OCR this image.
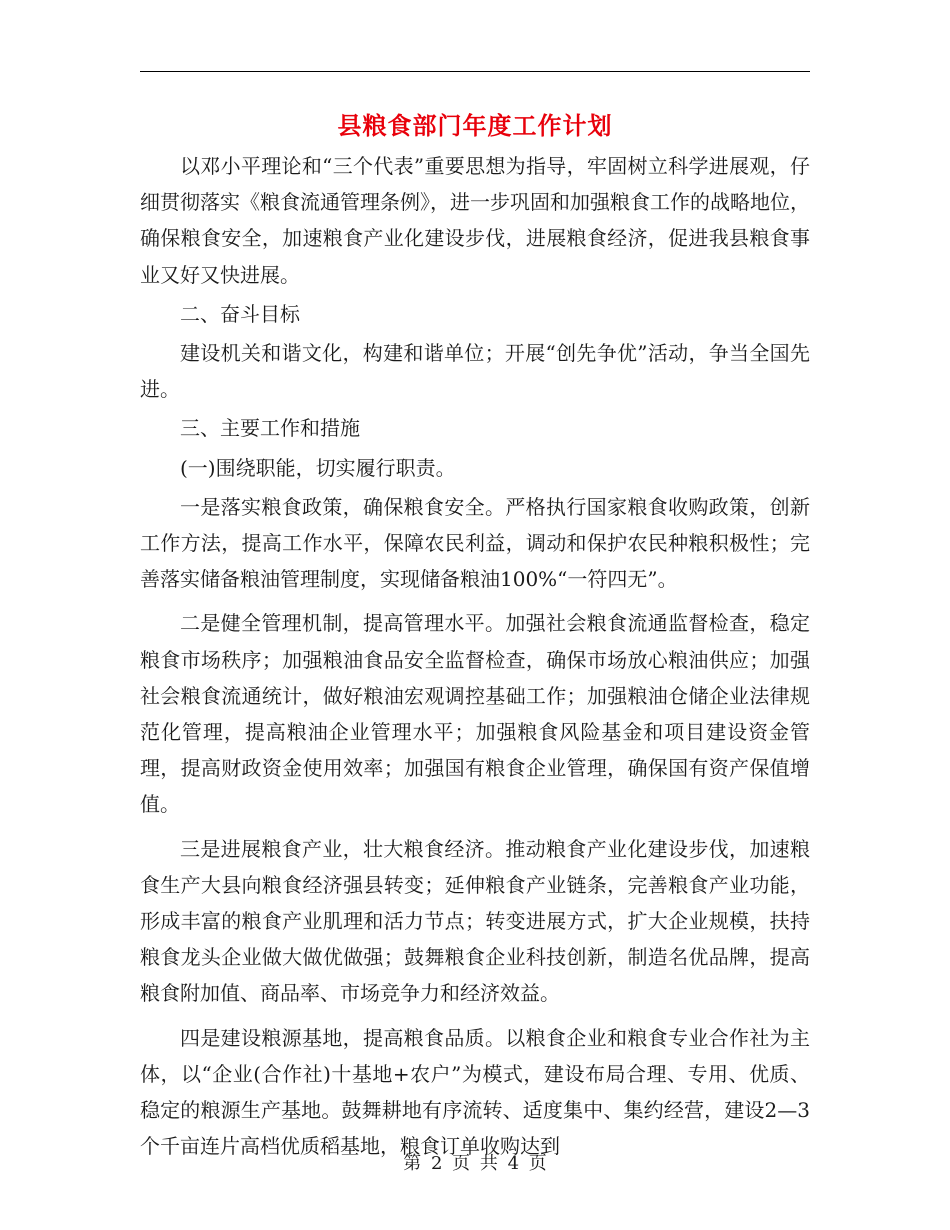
县粮食部门年度工作计划

以邓小平理论和“三个代表”重要思想为指导，牢固树立科学进展观，仔细贯彻落实《粮食流通管理条例》，进一步巩固和加强粮食工作的战略地位，确保粮食安全，加速粮食产业化建设步伐，进展粮食经济，促进我县粮食事业又好又快进展。

二、奋斗目标

建设机关和谐文化，构建和谐单位；开展“创先争优”活动，争当全国先进。

三、主要工作和措施

(一)围绕职能，切实履行职责。

一是落实粮食政策，确保粮食安全。严格执行国家粮食收购政策，创新工作方法，提高工作水平，保障农民利益，调动和保护农民种粮积极性；完善落实储备粮油管理制度，实现储备粮油100%“一符四无”。

二是健全管理机制，提高管理水平。加强社会粮食流通监督检查，稳定粮食市场秩序；加强粮油食品安全监督检查，确保市场放心粮油供应；加强社会粮食流通统计，做好粮油宏观调控基础工作；加强粮油仓储企业法律规范化管理，提高粮油企业管理水平；加强粮食风险基金和项目建设资金管理，提高财政资金使用效率；加强国有粮食企业管理，确保国有资产保值增值。

三是进展粮食产业，壮大粮食经济。推动粮食产业化建设步伐，加速粮食生产大县向粮食经济强县转变；延伸粮食产业链条，完善粮食产业功能，形成丰富的粮食产业肌理和活力节点；转变进展方式，扩大企业规模，扶持粮食龙头企业做大做优做强；鼓舞粮食企业科技创新，制造名优品牌，提高粮食附加值、商品率、市场竞争力和经济效益。

四是建设粮源基地，提高粮食品质。以粮食企业和粮食专业合作社为主体，以“企业(合作社)十基地+农户”为模式，建设布局合理、专用、优质、稳定的粮源生产基地。鼓舞耕地有序流转、适度集中、集约经营，建设2—3个千亩连片高档优质稻基地，粮食订单收购达到

第 2 页 共 4 页
